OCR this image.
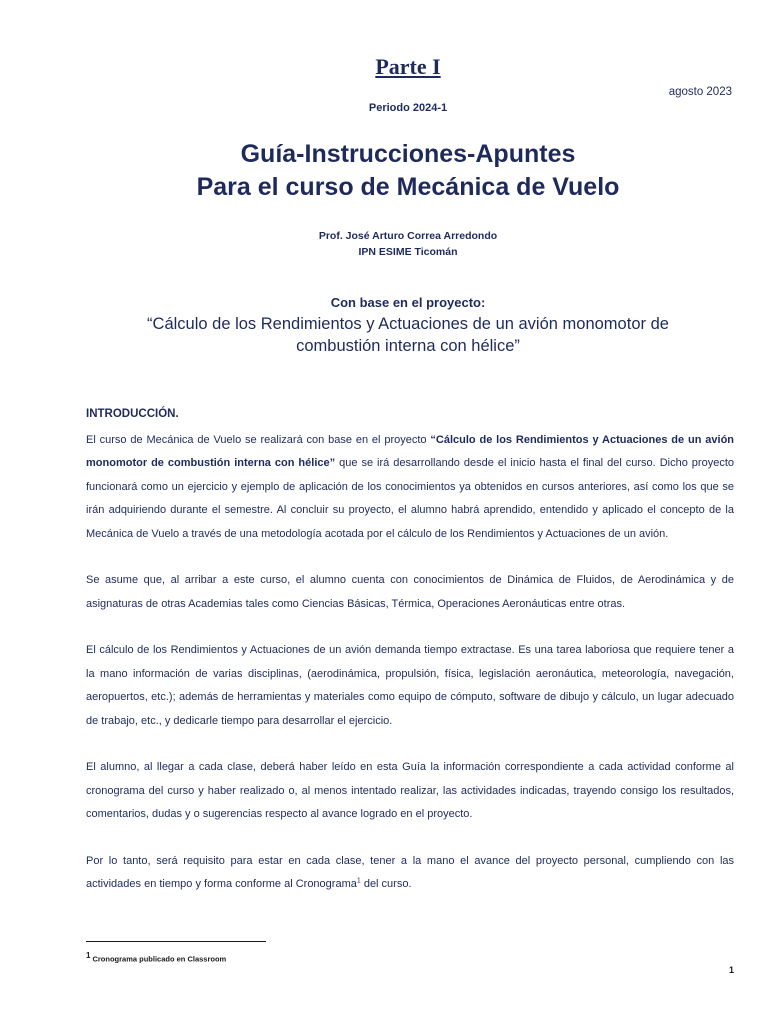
Parte I
agosto 2023
Periodo 2024-1
Guía-Instrucciones-Apuntes
Para el curso de Mecánica de Vuelo
Prof. José Arturo Correa Arredondo
IPN ESIME Ticomán
Con base en el proyecto:
“Cálculo de los Rendimientos y Actuaciones de un avión monomotor de
combustión interna con hélice”
INTRODUCCIÓN.

El curso de Mecánica de Vuelo se realizará con base en el proyecto “Cálculo de los Rendimientos y Actuaciones de un avión monomotor de combustión interna con hélice” que se irá desarrollando desde el inicio hasta el final del curso. Dicho proyecto funcionará como un ejercicio y ejemplo de aplicación de los conocimientos ya obtenidos en cursos anteriores, así como los que se irán adquiriendo durante el semestre. Al concluir su proyecto, el alumno habrá aprendido, entendido y aplicado el concepto de la Mecánica de Vuelo a través de una metodología acotada por el cálculo de los Rendimientos y Actuaciones de un avión.

Se asume que, al arribar a este curso, el alumno cuenta con conocimientos de Dinámica de Fluidos, de Aerodinámica y de asignaturas de otras Academias tales como Ciencias Básicas, Térmica, Operaciones Aeronáuticas entre otras.

El cálculo de los Rendimientos y Actuaciones de un avión demanda tiempo extractase. Es una tarea laboriosa que requiere tener a la mano información de varias disciplinas, (aerodinámica, propulsión, física, legislación aeronáutica, meteorología, navegación, aeropuertos, etc.); además de herramientas y materiales como equipo de cómputo, software de dibujo y cálculo, un lugar adecuado de trabajo, etc., y dedicarle tiempo para desarrollar el ejercicio.

El alumno, al llegar a cada clase, deberá haber leído en esta Guía la información correspondiente a cada actividad conforme al cronograma del curso y haber realizado o, al menos intentado realizar, las actividades indicadas, trayendo consigo los resultados, comentarios, dudas y o sugerencias respecto al avance logrado en el proyecto.

Por lo tanto, será requisito para estar en cada clase, tener a la mano el avance del proyecto personal, cumpliendo con las actividades en tiempo y forma conforme al Cronograma$^1$ del curso.

$^1$ Cronograma publicado en Classroom
1
